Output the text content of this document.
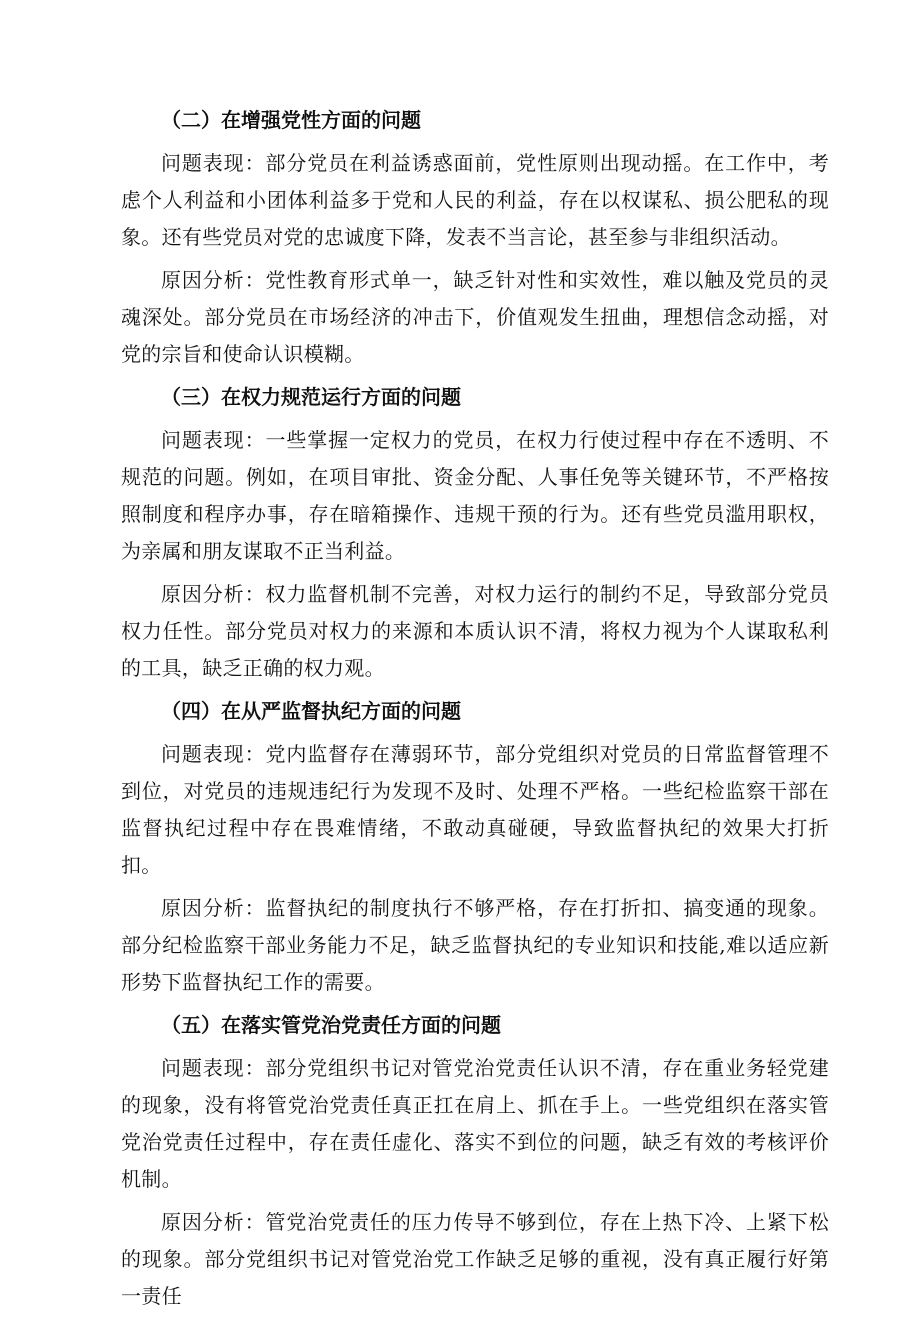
（二）在增强党性方面的问题
问题表现：部分党员在利益诱惑面前，党性原则出现动摇。在工作中，考虑个人利益和小团体利益多于党和人民的利益，存在以权谋私、损公肥私的现象。还有些党员对党的忠诚度下降，发表不当言论，甚至参与非组织活动。
原因分析：党性教育形式单一，缺乏针对性和实效性，难以触及党员的灵魂深处。部分党员在市场经济的冲击下，价值观发生扭曲，理想信念动摇，对党的宗旨和使命认识模糊。
（三）在权力规范运行方面的问题
问题表现：一些掌握一定权力的党员，在权力行使过程中存在不透明、不规范的问题。例如，在项目审批、资金分配、人事任免等关键环节，不严格按照制度和程序办事，存在暗箱操作、违规干预的行为。还有些党员滥用职权，为亲属和朋友谋取不正当利益。
原因分析：权力监督机制不完善，对权力运行的制约不足，导致部分党员权力任性。部分党员对权力的来源和本质认识不清，将权力视为个人谋取私利的工具，缺乏正确的权力观。
（四）在从严监督执纪方面的问题
问题表现：党内监督存在薄弱环节，部分党组织对党员的日常监督管理不到位，对党员的违规违纪行为发现不及时、处理不严格。一些纪检监察干部在监督执纪过程中存在畏难情绪，不敢动真碰硬，导致监督执纪的效果大打折扣。
原因分析：监督执纪的制度执行不够严格，存在打折扣、搞变通的现象。部分纪检监察干部业务能力不足，缺乏监督执纪的专业知识和技能,难以适应新形势下监督执纪工作的需要。
（五）在落实管党治党责任方面的问题
问题表现：部分党组织书记对管党治党责任认识不清，存在重业务轻党建的现象，没有将管党治党责任真正扛在肩上、抓在手上。一些党组织在落实管党治党责任过程中，存在责任虚化、落实不到位的问题，缺乏有效的考核评价机制。
原因分析：管党治党责任的压力传导不够到位，存在上热下冷、上紧下松的现象。部分党组织书记对管党治党工作缺乏足够的重视，没有真正履行好第一责任
